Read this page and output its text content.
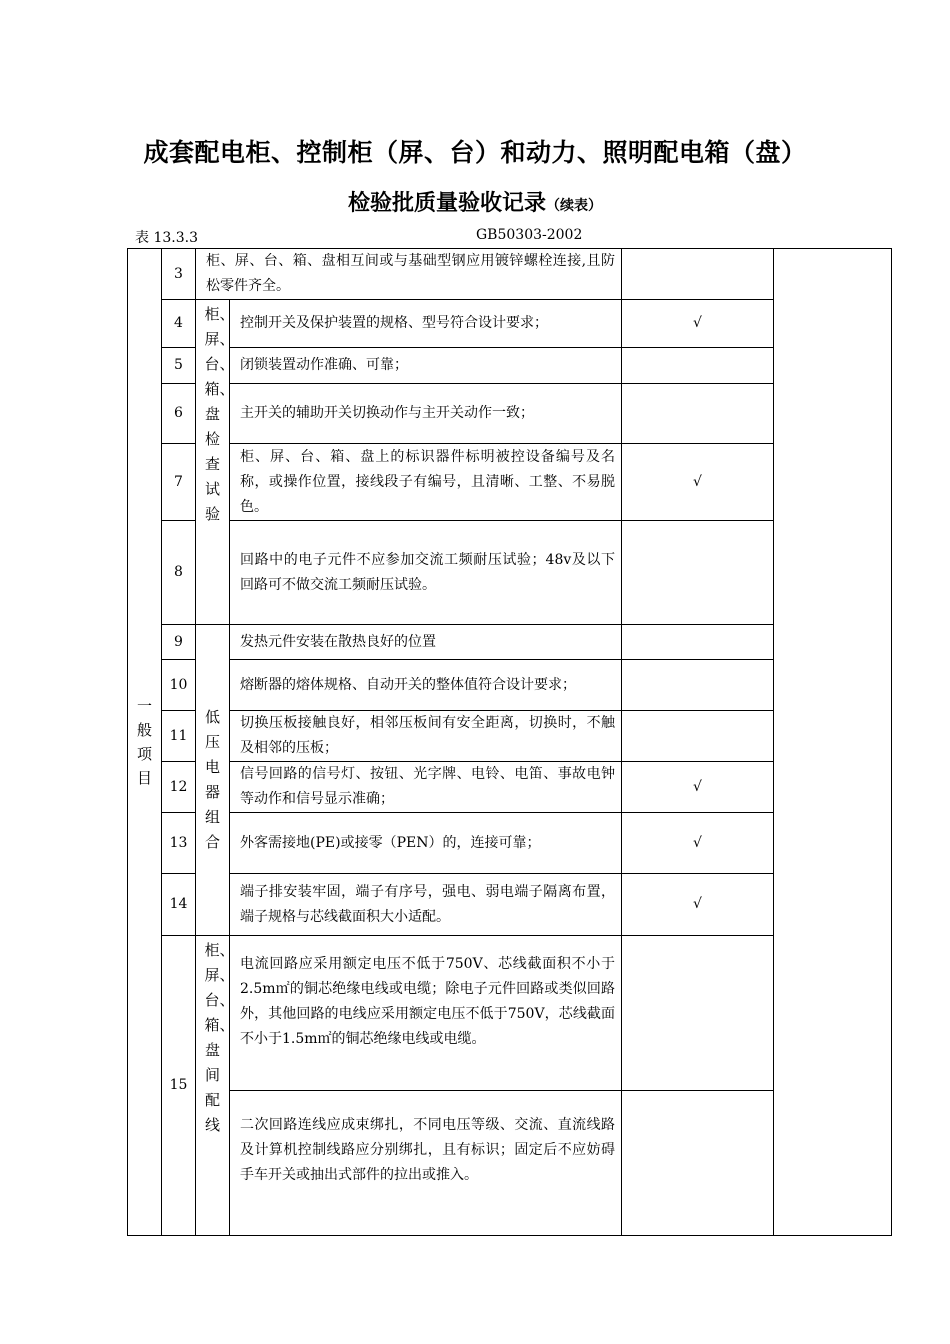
成套配电柜、控制柜（屏、台）和动力、照明配电箱（盘）
检验批质量验收记录（续表）
表 13.3.3	GB50303-2002
一般项目	3	柜、屏、台、箱、盘相互间或与基础型钢应用镀锌螺栓连接,且防松零件齐全。			
	4	柜、屏、台、箱、盘检查试验	控制开关及保护装置的规格、型号符合设计要求；	√	
	5		闭锁装置动作准确、可靠；		
	6		主开关的辅助开关切换动作与主开关动作一致；		
	7		柜、屏、台、箱、盘上的标识器件标明被控设备编号及名称，或操作位置，接线段子有编号，且清晰、工整、不易脱色。	√	
	8		回路中的电子元件不应参加交流工频耐压试验；48v及以下回路可不做交流工频耐压试验。		
	9	低压电器组合	发热元件安装在散热良好的位置		
	10		熔断器的熔体规格、自动开关的整体值符合设计要求；		
	11		切换压板接触良好，相邻压板间有安全距离，切换时，不触及相邻的压板；		
	12		信号回路的信号灯、按钮、光字牌、电铃、电笛、事故电钟等动作和信号显示准确；	√	
	13		外客需接地(PE)或接零（PEN）的，连接可靠；	√	
	14		端子排安装牢固，端子有序号，强电、弱电端子隔离布置，端子规格与芯线截面积大小适配。	√	
	15	柜、屏、台、箱、盘间配线	电流回路应采用额定电压不低于750V、芯线截面积不小于2.5m㎡的铜芯绝缘电线或电缆；除电子元件回路或类似回路外，其他回路的电线应采用额定电压不低于750V，芯线截面不小于1.5m㎡的铜芯绝缘电线或电缆。		
			二次回路连线应成束绑扎，不同电压等级、交流、直流线路及计算机控制线路应分别绑扎，且有标识；固定后不应妨碍手车开关或抽出式部件的拉出或推入。		
